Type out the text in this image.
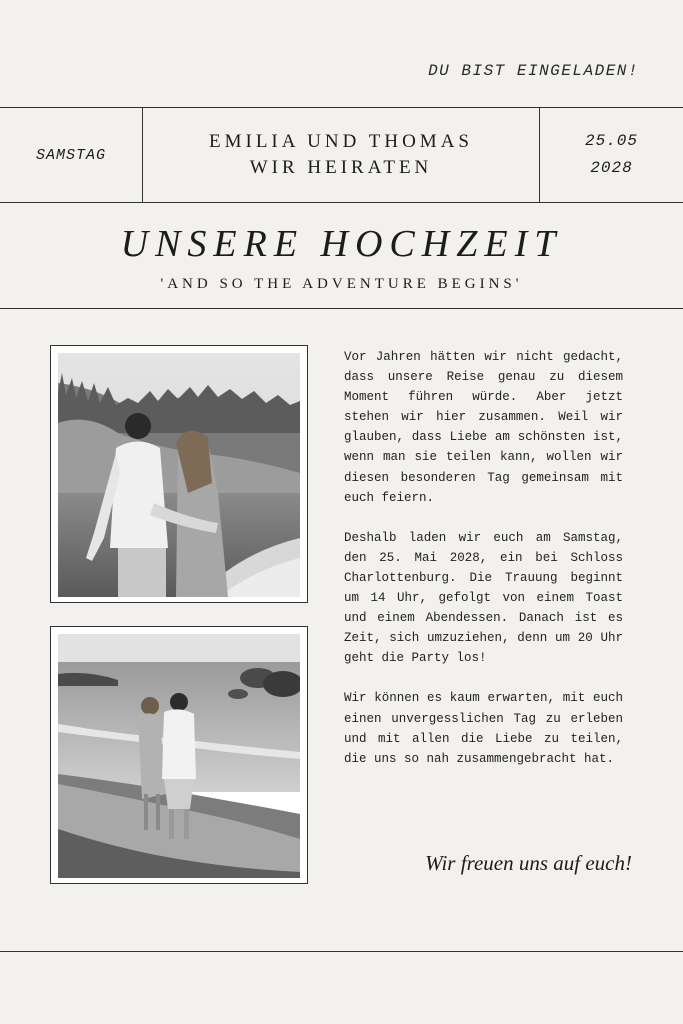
DU BIST EINGELADEN!
SAMSTAG
EMILIA UND THOMAS
WIR HEIRATEN
25.05
2028
UNSERE HOCHZEIT
'AND SO THE ADVENTURE BEGINS'

Vor Jahren hätten wir nicht gedacht, dass unsere Reise genau zu diesem Moment führen würde. Aber jetzt stehen wir hier zusammen. Weil wir glauben, dass Liebe am schönsten ist, wenn man sie teilen kann, wollen wir diesen besonderen Tag gemeinsam mit euch feiern.

Deshalb laden wir euch am Samstag, den 25. Mai 2028, ein bei Schloss Charlottenburg. Die Trauung beginnt um 14 Uhr, gefolgt von einem Toast und einem Abendessen. Danach ist es Zeit, sich umzuziehen, denn um 20 Uhr geht die Party los!

Wir können es kaum erwarten, mit euch einen unvergesslichen Tag zu erleben und mit allen die Liebe zu teilen, die uns so nah zusammengebracht hat.

Wir freuen uns auf euch!
